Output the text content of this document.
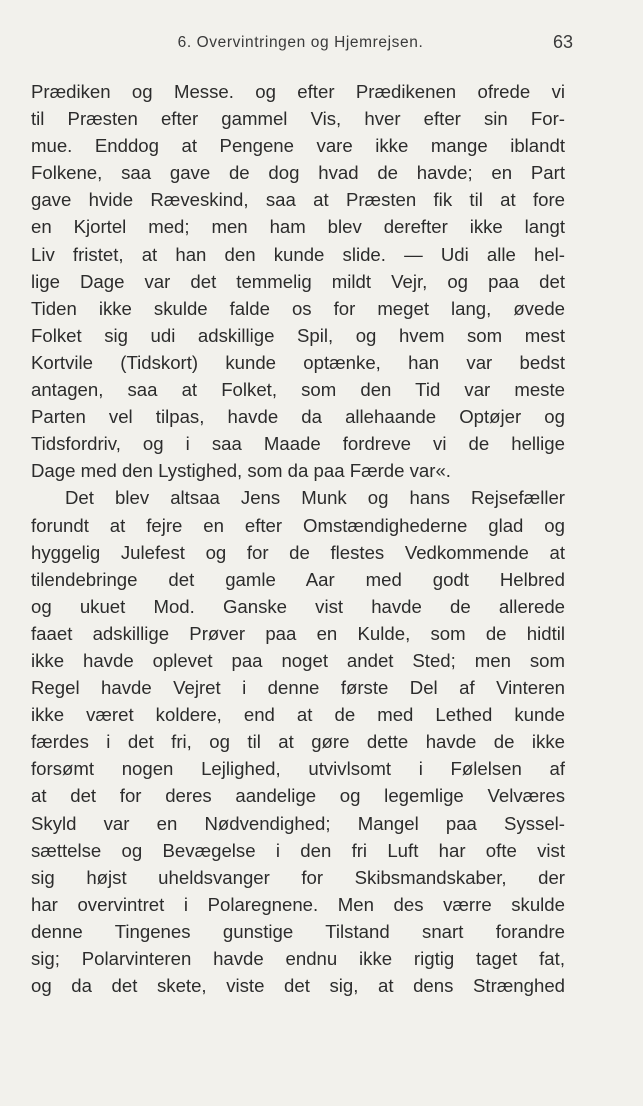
6. Overvintringen og Hjemrejsen.	63
Prædiken og Messe. og efter Prædikenen ofrede vi
til Præsten efter gammel Vis, hver efter sin For-
mue. Enddog at Pengene vare ikke mange iblandt
Folkene, saa gave de dog hvad de havde; en Part
gave hvide Ræveskind, saa at Præsten fik til at fore
en Kjortel med; men ham blev derefter ikke langt
Liv fristet, at han den kunde slide. — Udi alle hel-
lige Dage var det temmelig mildt Vejr, og paa det
Tiden ikke skulde falde os for meget lang, øvede
Folket sig udi adskillige Spil, og hvem som mest
Kortvile (Tidskort) kunde optænke, han var bedst
antagen, saa at Folket, som den Tid var meste
Parten vel tilpas, havde da allehaande Optøjer og
Tidsfordriv, og i saa Maade fordreve vi de hellige
Dage med den Lystighed, som da paa Færde var«.
Det blev altsaa Jens Munk og hans Rejsefæller
forundt at fejre en efter Omstændighederne glad og
hyggelig Julefest og for de flestes Vedkommende at
tilendebringe det gamle Aar med godt Helbred
og ukuet Mod. Ganske vist havde de allerede
faaet adskillige Prøver paa en Kulde, som de hidtil
ikke havde oplevet paa noget andet Sted; men som
Regel havde Vejret i denne første Del af Vinteren
ikke været koldere, end at de med Lethed kunde
færdes i det fri, og til at gøre dette havde de ikke
forsømt nogen Lejlighed, utvivlsomt i Følelsen af
at det for deres aandelige og legemlige Velværes
Skyld var en Nødvendighed; Mangel paa Syssel-
sættelse og Bevægelse i den fri Luft har ofte vist
sig højst uheldsvanger for Skibsmandskaber, der
har overvintret i Polaregnene. Men des værre skulde
denne Tingenes gunstige Tilstand snart forandre
sig; Polarvinteren havde endnu ikke rigtig taget fat,
og da det skete, viste det sig, at dens Strænghed
